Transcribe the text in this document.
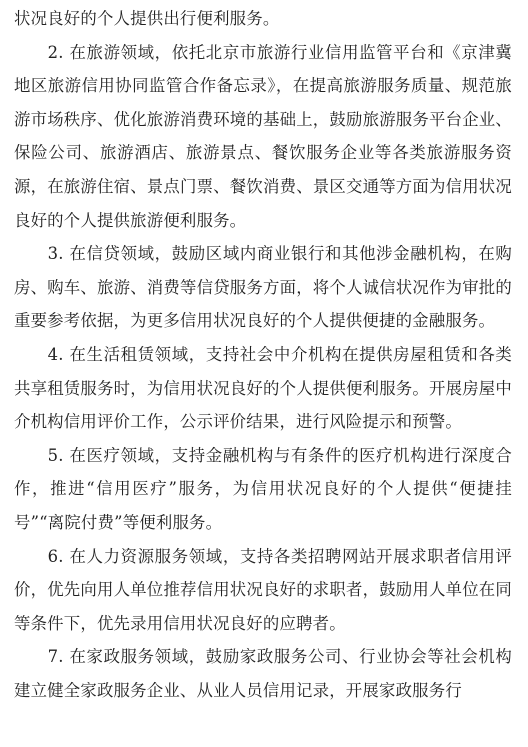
状况良好的个人提供出行便利服务。

2. 在旅游领域，依托北京市旅游行业信用监管平台和《京津冀地区旅游信用协同监管合作备忘录》，在提高旅游服务质量、规范旅游市场秩序、优化旅游消费环境的基础上，鼓励旅游服务平台企业、保险公司、旅游酒店、旅游景点、餐饮服务企业等各类旅游服务资源，在旅游住宿、景点门票、餐饮消费、景区交通等方面为信用状况良好的个人提供旅游便利服务。

3. 在信贷领域，鼓励区域内商业银行和其他涉金融机构，在购房、购车、旅游、消费等信贷服务方面，将个人诚信状况作为审批的重要参考依据，为更多信用状况良好的个人提供便捷的金融服务。

4. 在生活租赁领域，支持社会中介机构在提供房屋租赁和各类共享租赁服务时，为信用状况良好的个人提供便利服务。开展房屋中介机构信用评价工作，公示评价结果，进行风险提示和预警。

5. 在医疗领域，支持金融机构与有条件的医疗机构进行深度合作，推进“信用医疗”服务，为信用状况良好的个人提供“便捷挂号”“离院付费”等便利服务。

6. 在人力资源服务领域，支持各类招聘网站开展求职者信用评价，优先向用人单位推荐信用状况良好的求职者，鼓励用人单位在同等条件下，优先录用信用状况良好的应聘者。

7. 在家政服务领域，鼓励家政服务公司、行业协会等社会机构建立健全家政服务企业、从业人员信用记录，开展家政服务行
